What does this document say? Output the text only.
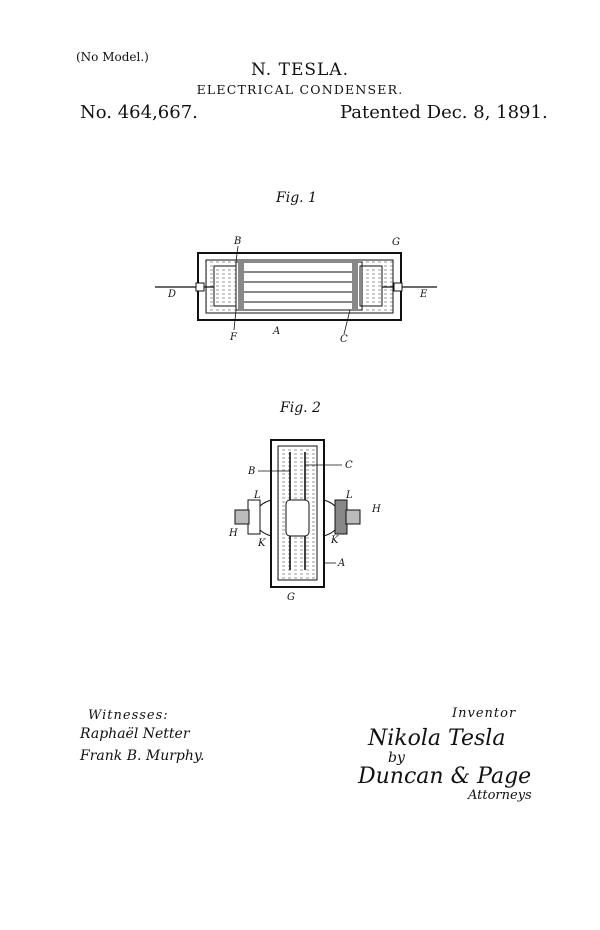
(No Model.)
N. TESLA.
ELECTRICAL CONDENSER.
No. 464,667.	Patented Dec. 8, 1891.
Fig. 1
B	G
D	E
F
A
C
Fig. 2
B
C
L	L
H
H
K	K
A
G
Witnesses:
Raphaël Netter
Frank B. Murphy.
Inventor
Nikola Tesla
by
Duncan & Page
Attorneys
